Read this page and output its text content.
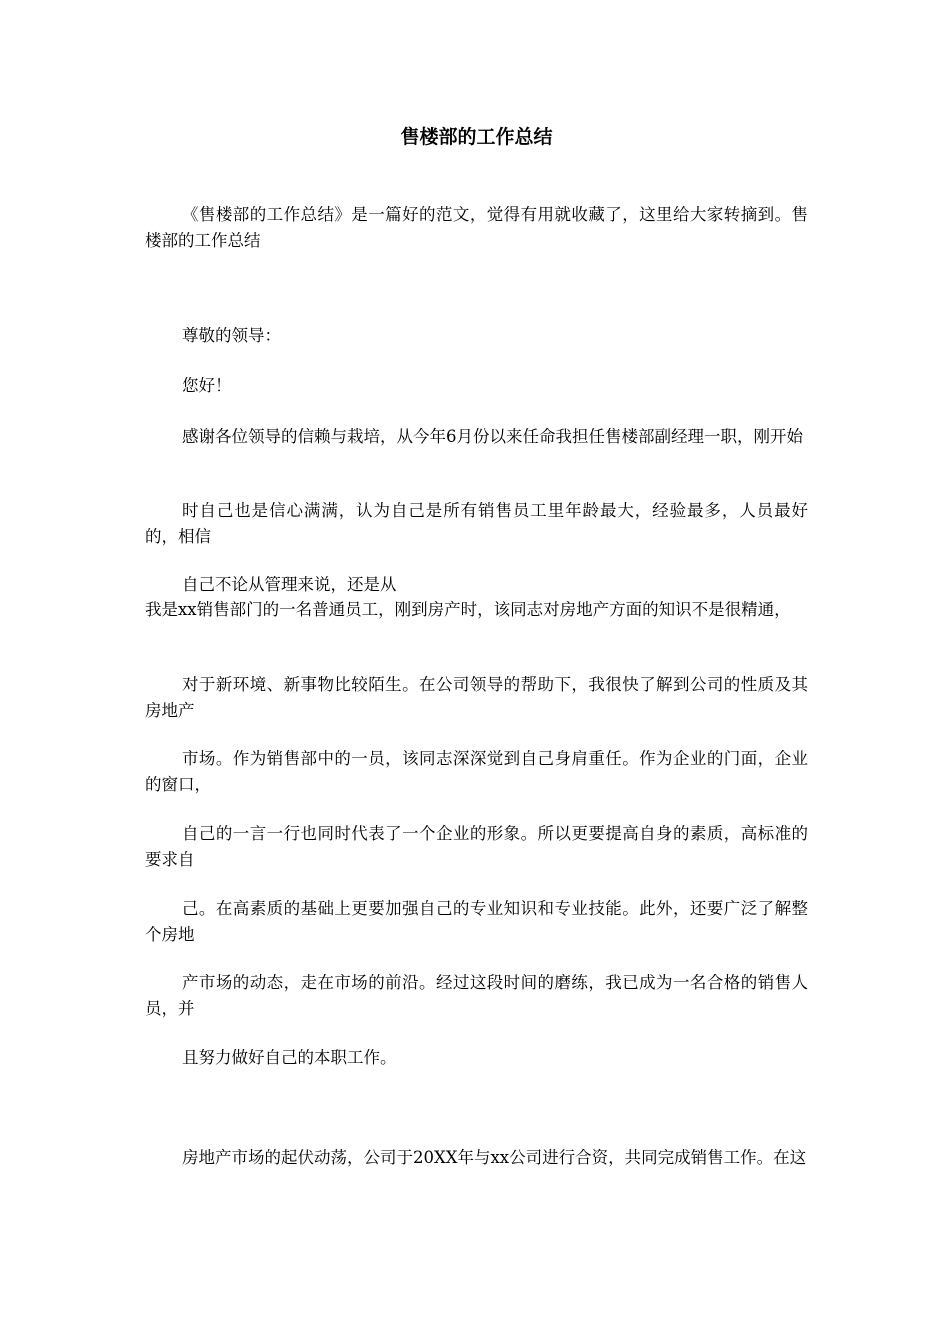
售楼部的工作总结

《售楼部的工作总结》是一篇好的范文，觉得有用就收藏了，这里给大家转摘到。售楼部的工作总结

尊敬的领导：

您好！

感谢各位领导的信赖与栽培，从今年6月份以来任命我担任售楼部副经理一职，刚开始

时自己也是信心满满，认为自己是所有销售员工里年龄最大，经验最多，人员最好的，相信

自己不论从管理来说，还是从

我是xx销售部门的一名普通员工，刚到房产时，该同志对房地产方面的知识不是很精通，

对于新环境、新事物比较陌生。在公司领导的帮助下，我很快了解到公司的性质及其房地产

市场。作为销售部中的一员，该同志深深觉到自己身肩重任。作为企业的门面，企业的窗口，

自己的一言一行也同时代表了一个企业的形象。所以更要提高自身的素质，高标准的要求自

己。在高素质的基础上更要加强自己的专业知识和专业技能。此外，还要广泛了解整个房地

产市场的动态，走在市场的前沿。经过这段时间的磨练，我已成为一名合格的销售人员，并

且努力做好自己的本职工作。

房地产市场的起伏动荡，公司于20XX年与xx公司进行合资，共同完成销售工作。在这
